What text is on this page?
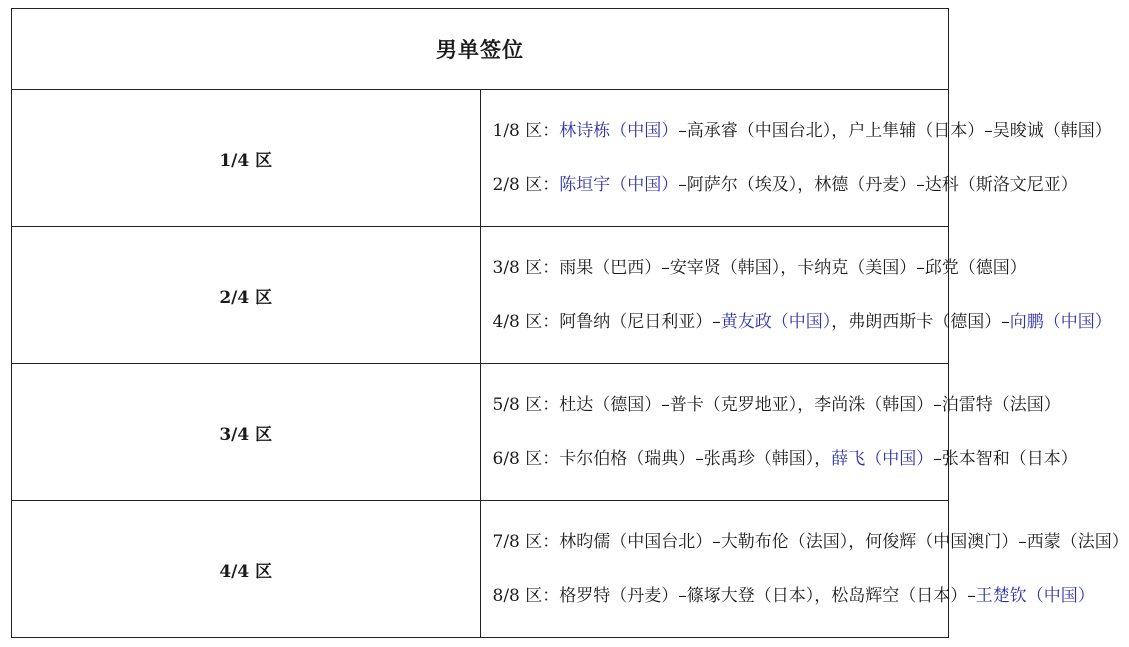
男单签位	
1/4 区	1/8 区：林诗栋（中国）–高承睿（中国台北），户上隼辅（日本）–吴晙诚（韩国）
2/8 区：陈垣宇（中国）–阿萨尔（埃及），林德（丹麦）–达科（斯洛文尼亚）

2/4 区	3/8 区：雨果（巴西）–安宰贤（韩国），卡纳克（美国）–邱党（德国）
4/8 区：阿鲁纳（尼日利亚）–黄友政（中国），弗朗西斯卡（德国）–向鹏（中国）

3/4 区	5/8 区：杜达（德国）–普卡（克罗地亚），李尚洙（韩国）–泊雷特（法国）
6/8 区：卡尔伯格（瑞典）–张禹珍（韩国），薛飞（中国）–张本智和（日本）

4/4 区	7/8 区：林昀儒（中国台北）–大勒布伦（法国），何俊辉（中国澳门）–西蒙（法国）
8/8 区：格罗特（丹麦）–篠塚大登（日本），松岛辉空（日本）–王楚钦（中国）
